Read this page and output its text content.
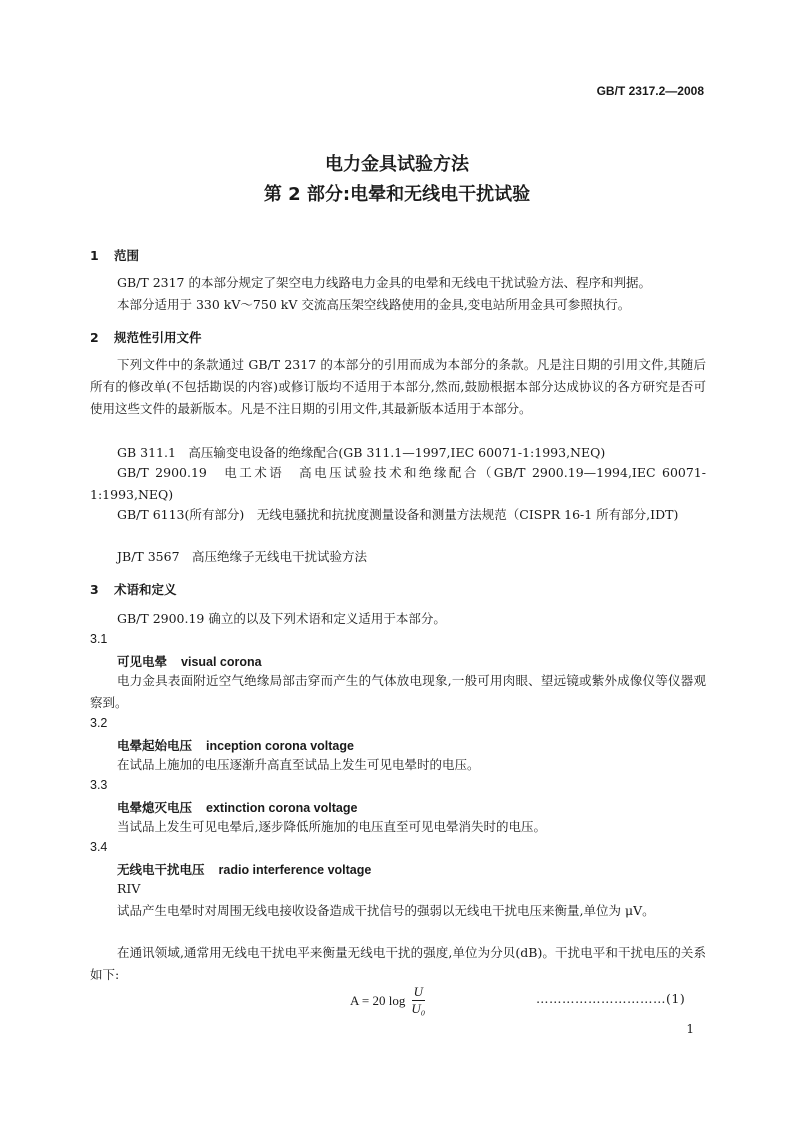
GB/T 2317.2—2008
电力金具试验方法
第 2 部分:电晕和无线电干扰试验
1 范围
GB/T 2317 的本部分规定了架空电力线路电力金具的电晕和无线电干扰试验方法、程序和判据。
本部分适用于 330 kV～750 kV 交流高压架空线路使用的金具,变电站所用金具可参照执行。
2 规范性引用文件
下列文件中的条款通过 GB/T 2317 的本部分的引用而成为本部分的条款。凡是注日期的引用文件,其随后所有的修改单(不包括勘误的内容)或修订版均不适用于本部分,然而,鼓励根据本部分达成协议的各方研究是否可使用这些文件的最新版本。凡是不注日期的引用文件,其最新版本适用于本部分。
GB 311.1　高压输变电设备的绝缘配合(GB 311.1—1997,IEC 60071-1:1993,NEQ)
GB/T 2900.19　电工术语　高电压试验技术和绝缘配合（GB/T 2900.19—1994,IEC 60071-1:1993,NEQ)
GB/T 6113(所有部分)　无线电骚扰和抗扰度测量设备和测量方法规范（CISPR 16-1 所有部分,IDT)
JB/T 3567　高压绝缘子无线电干扰试验方法
3 术语和定义
GB/T 2900.19 确立的以及下列术语和定义适用于本部分。
3.1
可见电晕 visual corona
电力金具表面附近空气绝缘局部击穿而产生的气体放电现象,一般可用肉眼、望远镜或紫外成像仪等仪器观察到。
3.2
电晕起始电压 inception corona voltage
在试品上施加的电压逐渐升高直至试品上发生可见电晕时的电压。
3.3
电晕熄灭电压 extinction corona voltage
当试品上发生可见电晕后,逐步降低所施加的电压直至可见电晕消失时的电压。
3.4
无线电干扰电压 radio interference voltage
RIV
试品产生电晕时对周围无线电接收设备造成干扰信号的强弱以无线电干扰电压来衡量,单位为 μV。
在通讯领域,通常用无线电干扰电平来衡量无线电干扰的强度,单位为分贝(dB)。干扰电平和干扰电压的关系如下:
A = 20 $\log \frac{U}{\text{U₀}}$	…………………………(1)
1
